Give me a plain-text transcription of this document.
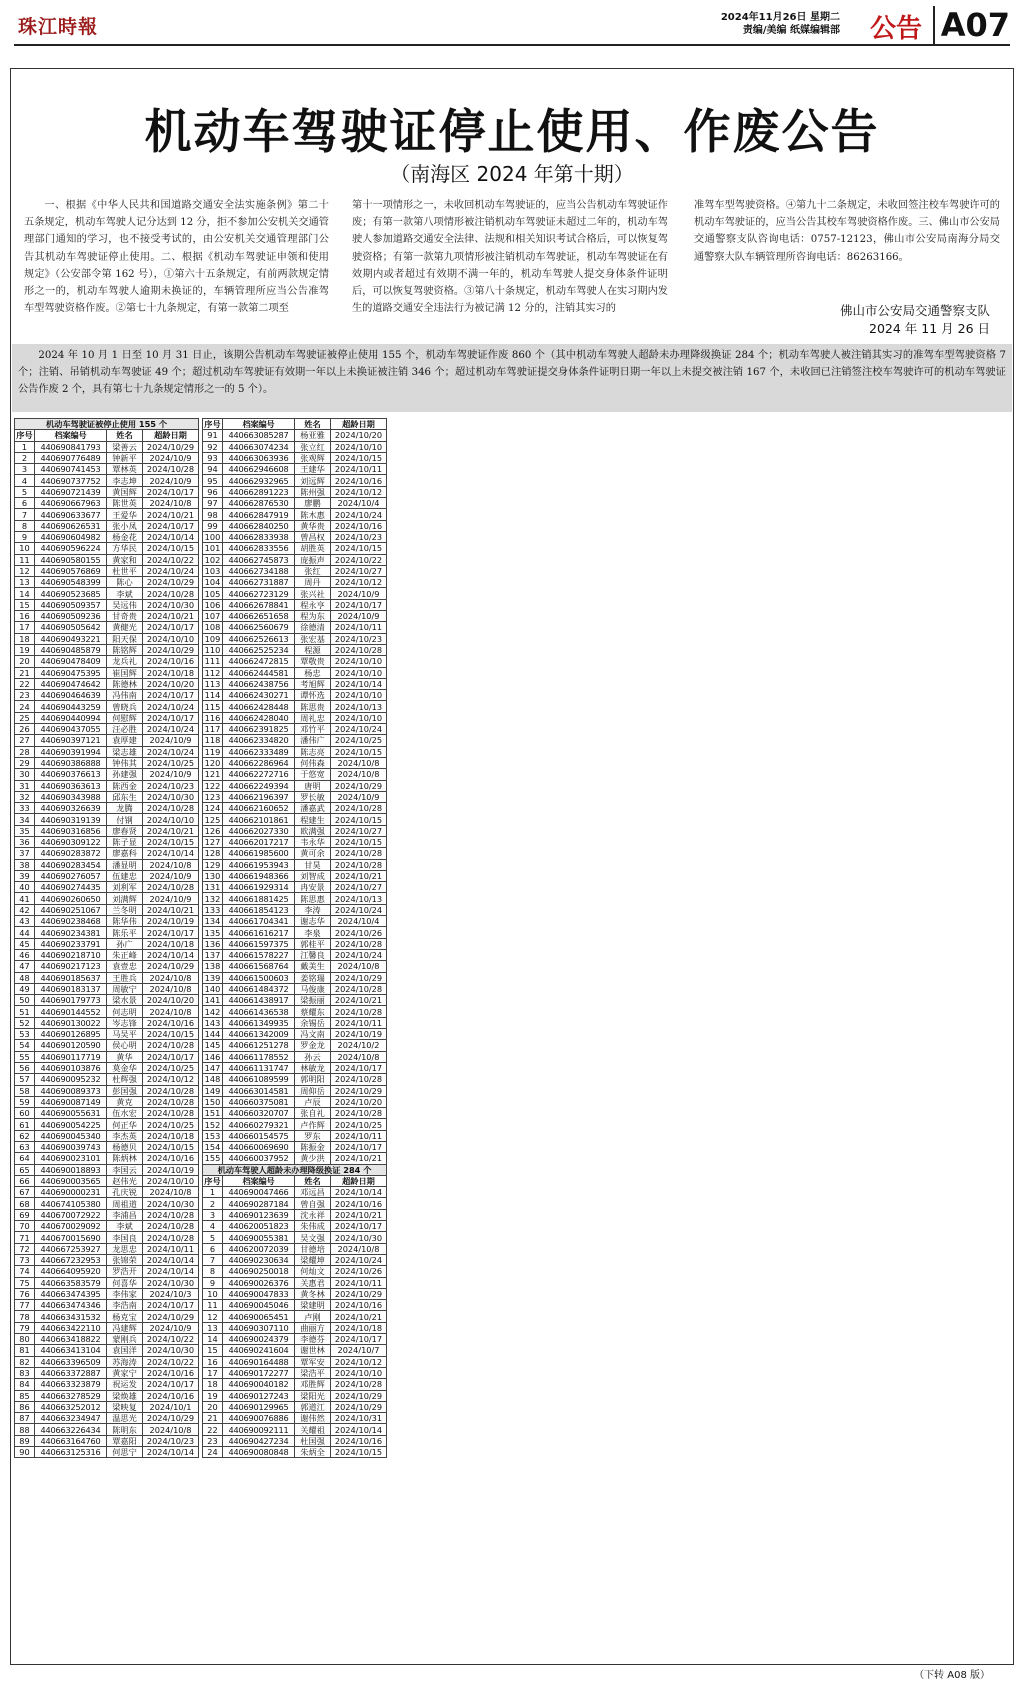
珠江時報	2024年11月26日 星期二
责编/美编 纸媒编辑部 公告 A07
机动车驾驶证停止使用、作废公告
（南海区 2024 年第十期）

一、根据《中华人民共和国道路交通安全法实施条例》第二十五条规定，机动车驾驶人记分达到 12 分，拒不参加公安机关交通管理部门通知的学习，也不接受考试的，由公安机关交通管理部门公告其机动车驾驶证停止使用。二、根据《机动车驾驶证申领和使用规定》（公安部令第 162 号），①第六十五条规定，有前两款规定情形之一的，机动车驾驶人逾期未换证的，车辆管理所应当公告准驾车型驾驶资格作废。②第七十九条规定，有第一款第二项至

第十一项情形之一，未收回机动车驾驶证的，应当公告机动车驾驶证作废；有第一款第八项情形被注销机动车驾驶证未超过二年的，机动车驾驶人参加道路交通安全法律、法规和相关知识考试合格后，可以恢复驾驶资格；有第一款第九项情形被注销机动车驾驶证，机动车驾驶证在有效期内或者超过有效期不满一年的，机动车驾驶人提交身体条件证明后，可以恢复驾驶资格。③第八十条规定，机动车驾驶人在实习期内发生的道路交通安全违法行为被记满 12 分的，注销其实习的

准驾车型驾驶资格。④第九十二条规定，未收回签注校车驾驶许可的机动车驾驶证的，应当公告其校车驾驶资格作废。三、佛山市公安局交通警察支队咨询电话：0757-12123，佛山市公安局南海分局交通警察大队车辆管理所咨询电话：86263166。

佛山市公安局交通警察支队
2024 年 11 月 26 日
2024 年 10 月 1 日至 10 月 31 日止，该期公告机动车驾驶证被停止使用 155 个，机动车驾驶证作废 860 个（其中机动车驾驶人超龄未办理降级换证 284 个；机动车驾驶人被注销其实习的准驾车型驾驶资格 7 个；注销、吊销机动车驾驶证 49 个；超过机动车驾驶证有效期一年以上未换证被注销 346 个；超过机动车驾驶证提交身体条件证明日期一年以上未提交被注销 167 个，未收回已注销签注校车驾驶许可的机动车驾驶证公告作废 2 个，具有第七十九条规定情形之一的 5 个）。
机动车驾驶证被停止使用 155 个			
序号	档案编号	姓名	超龄日期
1	440690841793	梁善云	2024/10/29
2	440690776489	钟新平	2024/10/9
3	440690741453	覃林英	2024/10/28
4	440690737752	李志坤	2024/10/9
5	440690721439	黄国辉	2024/10/17
6	440690667963	陈世英	2024/10/8
7	440690633677	王爱华	2024/10/21
8	440690626531	张小凤	2024/10/17
9	440690604982	杨金花	2024/10/14
10	440690596224	方华民	2024/10/15
11	440690580155	黄家和	2024/10/22
12	440690576869	杜世平	2024/10/24
13	440690548399	陈心	2024/10/29
14	440690523685	李斌	2024/10/28
15	440690509357	吴远伟	2024/10/30
16	440690509236	甘奇贵	2024/10/21
17	440690505642	黄健光	2024/10/17
18	440690493221	阳天保	2024/10/10
19	440690485879	陈铭辉	2024/10/29
20	440690478409	龙兵礼	2024/10/16
21	440690475395	崔国辉	2024/10/18
22	440690474642	陈德林	2024/10/20
23	440690464639	冯伟南	2024/10/17
24	440690443259	曾晓兵	2024/10/24
25	440690440994	何慰辉	2024/10/17
26	440690437055	汪必胜	2024/10/24
27	440690397121	袁厚建	2024/10/9
28	440690391994	梁志雄	2024/10/24
29	440690386888	钟伟其	2024/10/25
30	440690376613	孙建强	2024/10/9
31	440690363613	陈西金	2024/10/23
32	440690343988	邱东生	2024/10/30
33	440690326639	龙腾	2024/10/28
34	440690319139	付钢	2024/10/10
35	440690316856	廖春贤	2024/10/21
36	440690309122	陈子显	2024/10/15
37	440690283872	廖嘉科	2024/10/14
38	440690283454	潘显明	2024/10/8
39	440690276057	伍建忠	2024/10/9
40	440690274435	刘利军	2024/10/28
41	440690260650	刘满辉	2024/10/9
42	440690251067	兰冬明	2024/10/21
43	440690238468	陈华伟	2024/10/19
44	440690234381	陈乐平	2024/10/17
45	440690233791	孙广	2024/10/18
46	440690218710	朱正峰	2024/10/14
47	440690217123	袁壹忠	2024/10/29
48	440690185637	王胜兵	2024/10/8
49	440690183137	周敏宁	2024/10/8
50	440690179773	梁水景	2024/10/20
51	440690144552	何志明	2024/10/8
52	440690130022	岑志锋	2024/10/16
53	440690126895	马吴平	2024/10/15
54	440690120590	侯心明	2024/10/28
55	440690117719	黄华	2024/10/17
56	440690103876	莫金华	2024/10/25
57	440690095232	杜辉强	2024/10/12
58	440690089373	彭国强	2024/10/28
59	440690087149	黄克	2024/10/28
60	440690055631	伍水宏	2024/10/28
61	440690054225	何正华	2024/10/25
62	440690045340	李杰英	2024/10/18
63	440690039743	杨德贝	2024/10/15
64	440690023101	陈炳林	2024/10/16
65	440690018893	李国云	2024/10/19
66	440690003565	赵伟光	2024/10/10
67	440690000231	孔庆锐	2024/10/8
68	440674105380	周祖道	2024/10/30
69	440670072922	李浦昌	2024/10/28
70	440670029092	李斌	2024/10/28
71	440670015690	李国良	2024/10/28
72	440667253927	龙思忠	2024/10/11
73	440667232953	张锦荣	2024/10/14
74	440664095920	罗浩开	2024/10/14
75	440663583579	何喜华	2024/10/30
76	440663474395	李伟家	2024/10/3
77	440663474346	李浩南	2024/10/17
78	440663431532	杨克宝	2024/10/29
79	440663422110	冯建辉	2024/10/9
80	440663418822	蒙刚兵	2024/10/22
81	440663413104	袁国洋	2024/10/30
82	440663396509	苏海涛	2024/10/22
83	440663372887	黄家宁	2024/10/16
84	440663323879	祝运发	2024/10/17
85	440663278529	梁焕雄	2024/10/16
86	440663252012	梁映复	2024/10/1
87	440663234947	温思光	2024/10/29
88	440663226434	陈明东	2024/10/8
89	440663164760	覃嘉阳	2024/10/23
90	440663125316	何思宁	2024/10/14
序号	档案编号	姓名	超龄日期
91	440663085287	杨亚雅	2024/10/20
92	440663074234	张立红	2024/10/10
93	440663063936	张观辉	2024/10/15
94	440662946608	王建华	2024/10/11
95	440662932965	刘远辉	2024/10/16
96	440662891223	陈州强	2024/10/12
97	440662876530	廖鹏	2024/10/4
98	440662847919	陈木惠	2024/10/24
99	440662840250	黄华贵	2024/10/16
100	440662833938	曾昌权	2024/10/23
101	440662833556	胡胜英	2024/10/15
102	440662745873	庞振声	2024/10/22
103	440662734188	张红	2024/10/27
104	440662731887	周丹	2024/10/12
105	440662723129	张兴社	2024/10/9
106	440662678841	程永亨	2024/10/17
107	440662651658	程为东	2024/10/9
108	440662560679	徐德清	2024/10/11
109	440662526613	张宏基	2024/10/23
110	440662525234	程源	2024/10/28
111	440662472815	覃敬贵	2024/10/10
112	440662444581	杨忠	2024/10/10
113	440662438756	考旭辉	2024/10/14
114	440662430271	谭怀选	2024/10/10
115	440662428448	陈思贵	2024/10/13
116	440662428040	周礼忠	2024/10/10
117	440662391825	邓竹平	2024/10/24
118	440662334820	潘伟广	2024/10/25
119	440662333489	陈志亮	2024/10/15
120	440662286964	何伟森	2024/10/8
121	440662272716	于悠宽	2024/10/8
122	440662249394	唐明	2024/10/29
123	440662196397	罗长敏	2024/10/9
124	440662160652	潘嘉武	2024/10/28
125	440662101861	程建生	2024/10/15
126	440662027330	欧满强	2024/10/27
127	440662017217	韦永华	2024/10/15
128	440661985600	黄可余	2024/10/28
129	440661953943	甘昊	2024/10/28
130	440661948366	刘智成	2024/10/21
131	440661929314	冉安景	2024/10/27
132	440661881425	陈思惠	2024/10/13
133	440661854123	李涛	2024/10/24
134	440661704341	谢志华	2024/10/4
135	440661616217	李泉	2024/10/26
136	440661597375	郭桂平	2024/10/28
137	440661578227	江馨良	2024/10/24
138	440661568764	戴美生	2024/10/8
139	440661500603	姜铭瑞	2024/10/29
140	440661484372	马俊康	2024/10/28
141	440661438917	梁振丽	2024/10/21
142	440661436538	蔡耀东	2024/10/28
143	440661349935	余锡岳	2024/10/11
144	440661342009	冯文南	2024/10/19
145	440661251278	罗金龙	2024/10/2
146	440661178552	孙云	2024/10/8
147	440661131747	林敏龙	2024/10/17
148	440661089599	郭明阳	2024/10/28
149	440663014581	周仰岳	2024/10/29
150	440660375081	卢辰	2024/10/20
151	440660320707	张自礼	2024/10/28
152	440660279321	卢作辉	2024/10/25
153	440660154575	罗东	2024/10/11
154	440660069690	陈振金	2024/10/17
155	440660037952	黄少洪	2024/10/21
机动车驾驶人超龄未办理降级换证 284 个			
序号	档案编号	姓名	超龄日期
1	440690047466	邓远昌	2024/10/14
2	440690287184	曾自强	2024/10/16
3	440690123639	沈永祥	2024/10/21
4	440620051823	朱伟成	2024/10/17
5	440690055381	吴文强	2024/10/30
6	440620072039	甘德培	2024/10/8
7	440690230634	梁耀坤	2024/10/24
8	440690250018	何灿文	2024/10/26
9	440690026376	关惠君	2024/10/11
10	440690047833	黄冬林	2024/10/29
11	440690045046	梁建明	2024/10/16
12	440690065451	卢刚	2024/10/21
13	440690307110	曲丽方	2024/10/18
14	440690024379	李德芬	2024/10/17
15	440690241604	谢世林	2024/10/7
16	440690164488	覃军安	2024/10/12
17	440690172277	梁浩平	2024/10/10
18	440690040182	邓胜辉	2024/10/28
19	440690127243	梁阳光	2024/10/29
20	440690129965	郭道江	2024/10/29
21	440690076886	谢伟然	2024/10/31
22	440690092111	关耀祖	2024/10/14
23	440690427234	杜国强	2024/10/16
24	440690080848	朱炳全	2024/10/15
（下转 A08 版）
